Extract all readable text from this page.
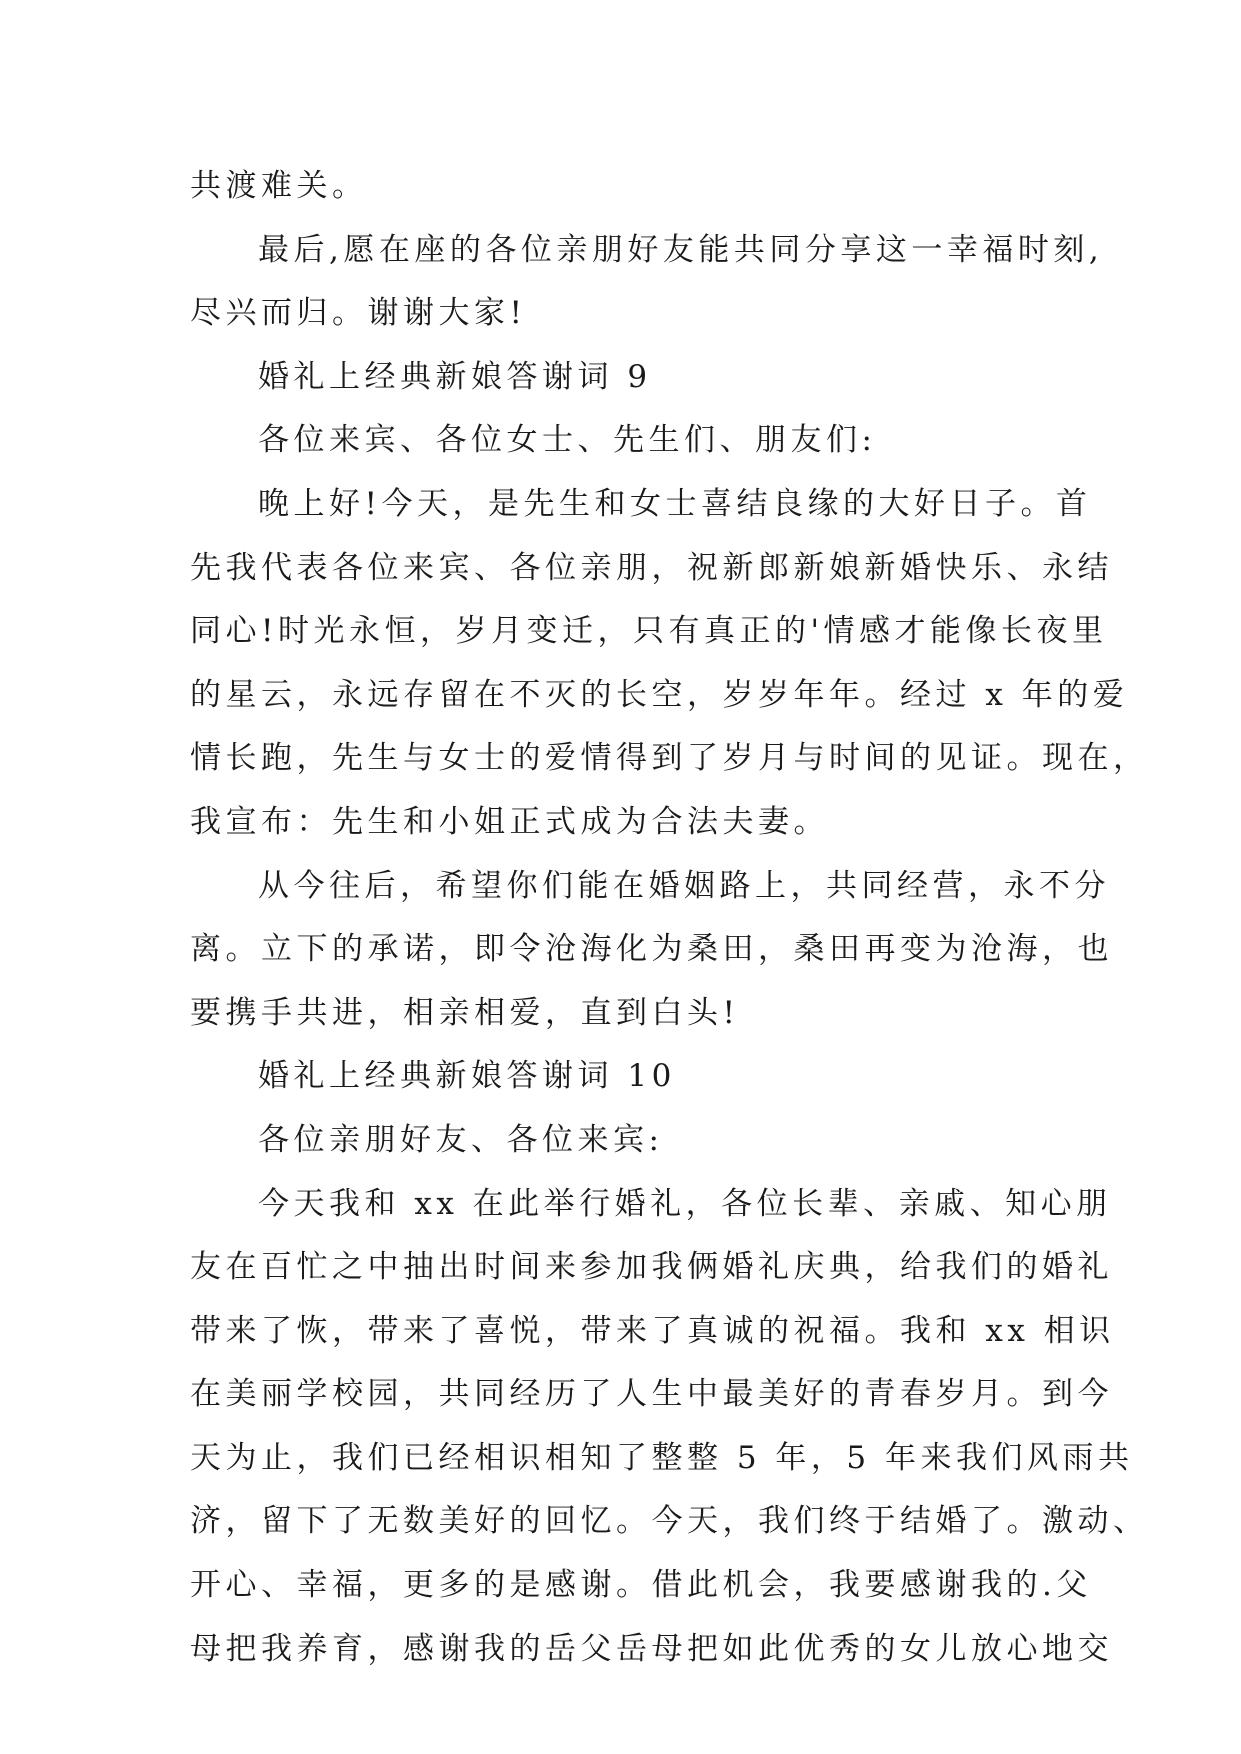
共渡难关。
最后,愿在座的各位亲朋好友能共同分享这一幸福时刻,
尽兴而归。谢谢大家!
婚礼上经典新娘答谢词 9
各位来宾、各位女士、先生们、朋友们:
晚上好!今天，是先生和女士喜结良缘的大好日子。首
先我代表各位来宾、各位亲朋，祝新郎新娘新婚快乐、永结
同心!时光永恒，岁月变迁，只有真正的'情感才能像长夜里
的星云，永远存留在不灭的长空，岁岁年年。经过 x 年的爱
情长跑，先生与女士的爱情得到了岁月与时间的见证。现在，
我宣布：先生和小姐正式成为合法夫妻。
从今往后，希望你们能在婚姻路上，共同经营，永不分
离。立下的承诺，即令沧海化为桑田，桑田再变为沧海，也
要携手共进，相亲相爱，直到白头!
婚礼上经典新娘答谢词 10
各位亲朋好友、各位来宾:
今天我和 xx 在此举行婚礼，各位长辈、亲戚、知心朋
友在百忙之中抽出时间来参加我俩婚礼庆典，给我们的婚礼
带来了恢，带来了喜悦，带来了真诚的祝福。我和 xx 相识
在美丽学校园，共同经历了人生中最美好的青春岁月。到今
天为止，我们已经相识相知了整整 5 年，5 年来我们风雨共
济，留下了无数美好的回忆。今天，我们终于结婚了。激动、
开心、幸福，更多的是感谢。借此机会，我要感谢我的.父
母把我养育，感谢我的岳父岳母把如此优秀的女儿放心地交
